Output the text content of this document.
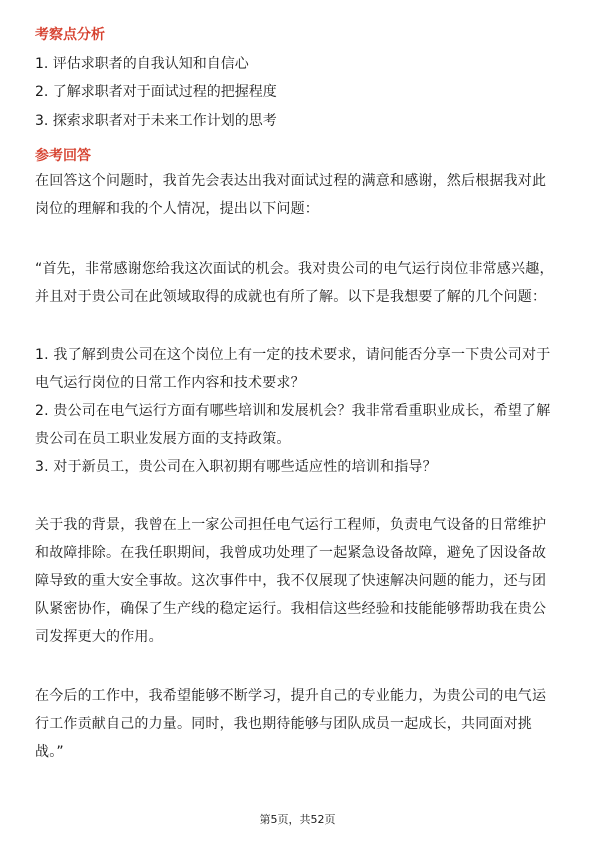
考察点分析
1. 评估求职者的自我认知和自信心
2. 了解求职者对于面试过程的把握程度
3. 探索求职者对于未来工作计划的思考
参考回答
在回答这个问题时，我首先会表达出我对面试过程的满意和感谢，然后根据我对此
岗位的理解和我的个人情况，提出以下问题：
“首先，非常感谢您给我这次面试的机会。我对贵公司的电气运行岗位非常感兴趣，
并且对于贵公司在此领域取得的成就也有所了解。以下是我想要了解的几个问题：
1. 我了解到贵公司在这个岗位上有一定的技术要求，请问能否分享一下贵公司对于
电气运行岗位的日常工作内容和技术要求？
2. 贵公司在电气运行方面有哪些培训和发展机会？我非常看重职业成长，希望了解
贵公司在员工职业发展方面的支持政策。
3. 对于新员工，贵公司在入职初期有哪些适应性的培训和指导？
关于我的背景，我曾在上一家公司担任电气运行工程师，负责电气设备的日常维护
和故障排除。在我任职期间，我曾成功处理了一起紧急设备故障，避免了因设备故
障导致的重大安全事故。这次事件中，我不仅展现了快速解决问题的能力，还与团
队紧密协作，确保了生产线的稳定运行。我相信这些经验和技能能够帮助我在贵公
司发挥更大的作用。
在今后的工作中，我希望能够不断学习，提升自己的专业能力，为贵公司的电气运
行工作贡献自己的力量。同时，我也期待能够与团队成员一起成长，共同面对挑
战。”
第5页，共52页
